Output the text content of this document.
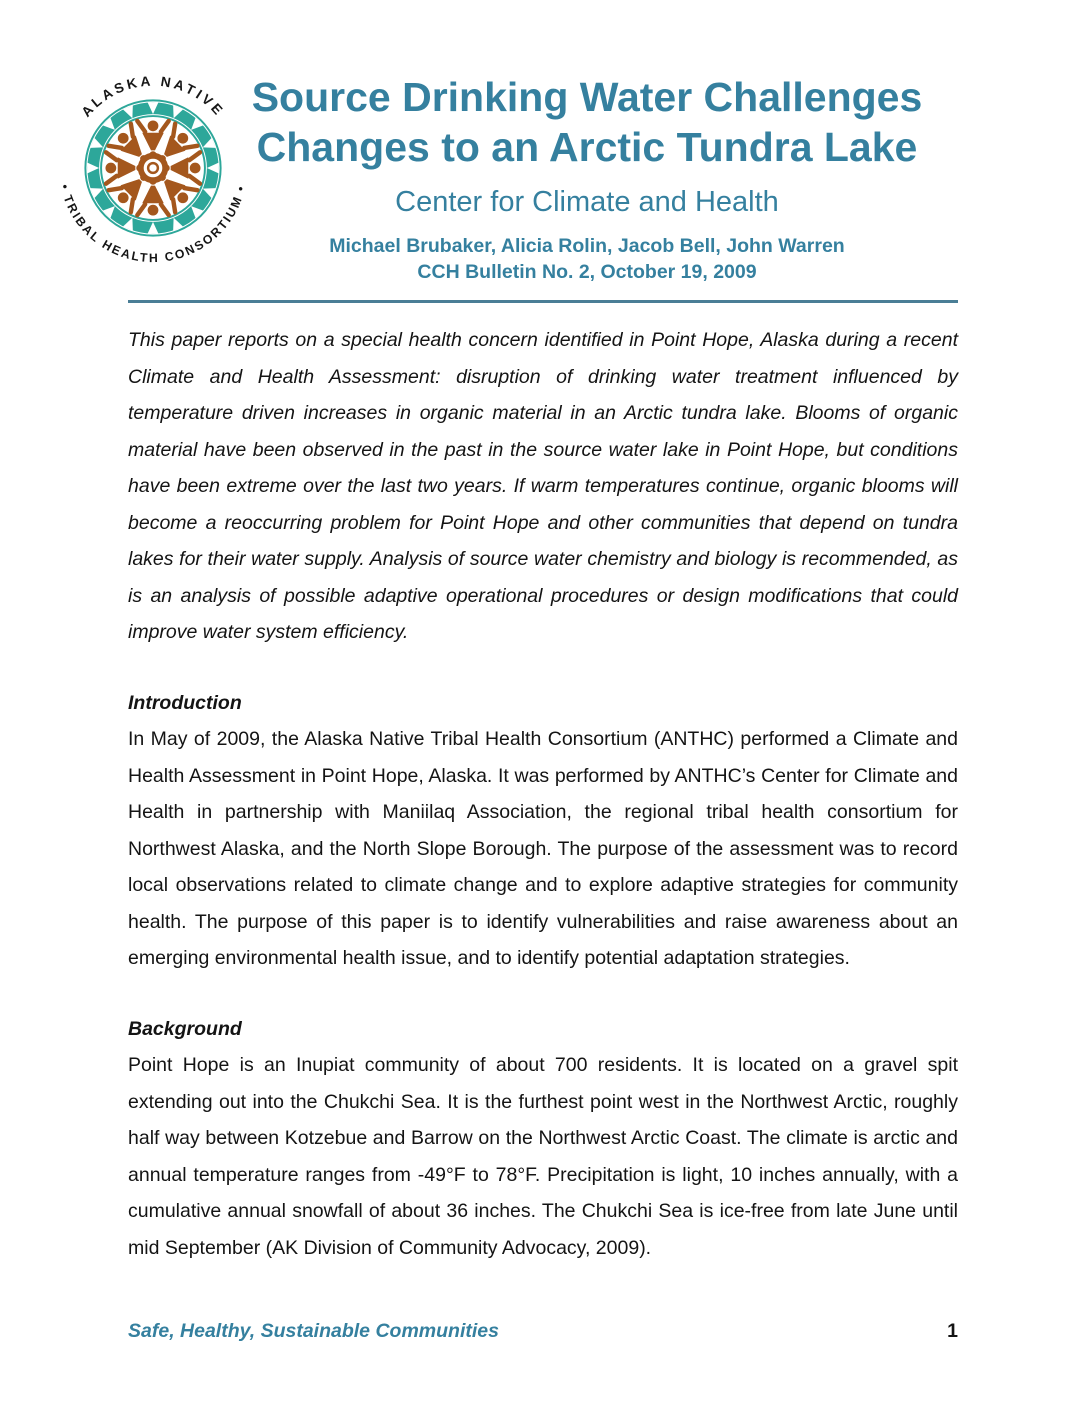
ALASKA NATIVE
• TRIBAL HEALTH CONSORTIUM •
Source Drinking Water Challenges
Changes to an Arctic Tundra Lake
Center for Climate and Health
Michael Brubaker, Alicia Rolin, Jacob Bell, John Warren
CCH Bulletin No. 2, October 19, 2009

This paper reports on a special health concern identified in Point Hope, Alaska during a recent Climate and Health Assessment: disruption of drinking water treatment influenced by temperature driven increases in organic material in an Arctic tundra lake. Blooms of organic material have been observed in the past in the source water lake in Point Hope, but conditions have been extreme over the last two years. If warm temperatures continue, organic blooms will become a reoccurring problem for Point Hope and other communities that depend on tundra lakes for their water supply. Analysis of source water chemistry and biology is recommended, as is an analysis of possible adaptive operational procedures or design modifications that could improve water system efficiency.

Introduction

In May of 2009, the Alaska Native Tribal Health Consortium (ANTHC) performed a Climate and Health Assessment in Point Hope, Alaska. It was performed by ANTHC’s Center for Climate and Health in partnership with Maniilaq Association, the regional tribal health consortium for Northwest Alaska, and the North Slope Borough. The purpose of the assessment was to record local observations related to climate change and to explore adaptive strategies for community health. The purpose of this paper is to identify vulnerabilities and raise awareness about an emerging environmental health issue, and to identify potential adaptation strategies.

Background

Point Hope is an Inupiat community of about 700 residents. It is located on a gravel spit extending out into the Chukchi Sea. It is the furthest point west in the Northwest Arctic, roughly half way between Kotzebue and Barrow on the Northwest Arctic Coast. The climate is arctic and annual temperature ranges from -49°F to 78°F. Precipitation is light, 10 inches annually, with a cumulative annual snowfall of about 36 inches. The Chukchi Sea is ice-free from late June until mid September (AK Division of Community Advocacy, 2009).

Safe, Healthy, Sustainable Communities	1
